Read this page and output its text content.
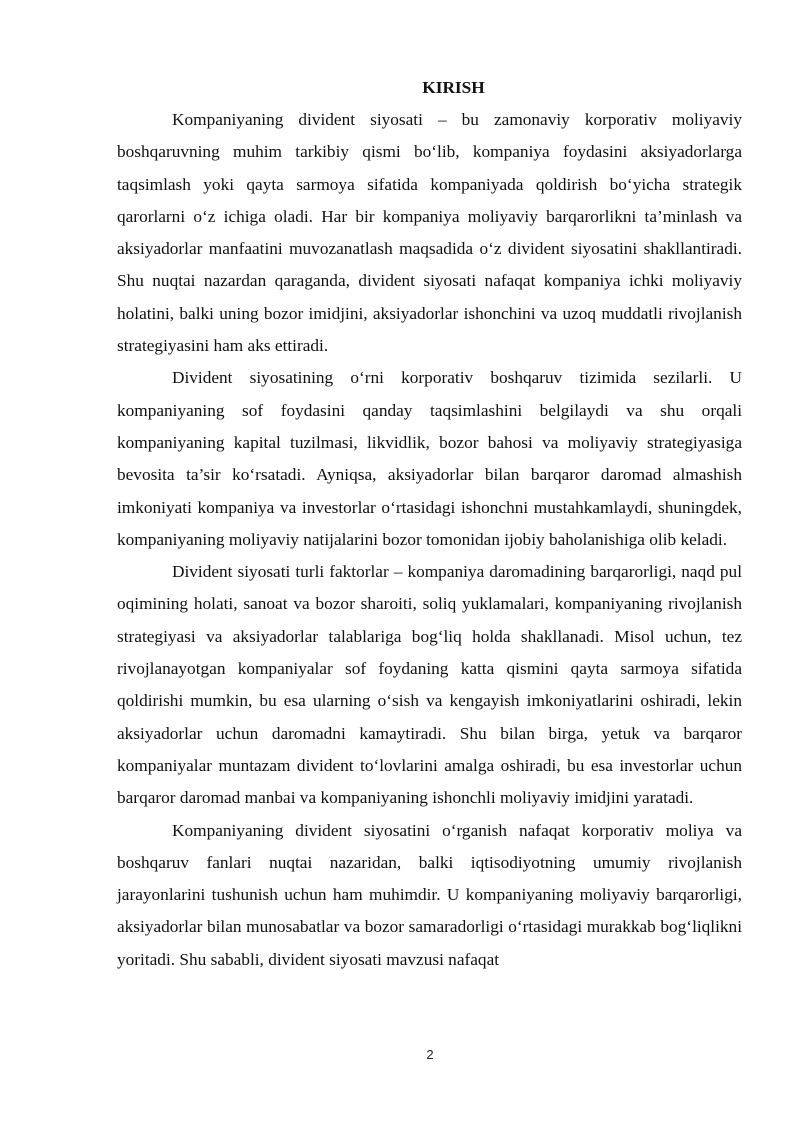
KIRISH

Kompaniyaning divident siyosati – bu zamonaviy korporativ moliyaviy boshqaruvning muhim tarkibiy qismi bo‘lib, kompaniya foydasini aksiyadorlarga taqsimlash yoki qayta sarmoya sifatida kompaniyada qoldirish bo‘yicha strategik qarorlarni o‘z ichiga oladi. Har bir kompaniya moliyaviy barqarorlikni ta’minlash va aksiyadorlar manfaatini muvozanatlash maqsadida o‘z divident siyosatini shakllantiradi. Shu nuqtai nazardan qaraganda, divident siyosati nafaqat kompaniya ichki moliyaviy holatini, balki uning bozor imidjini, aksiyadorlar ishonchini va uzoq muddatli rivojlanish strategiyasini ham aks ettiradi.

Divident siyosatining o‘rni korporativ boshqaruv tizimida sezilarli. U kompaniyaning sof foydasini qanday taqsimlashini belgilaydi va shu orqali kompaniyaning kapital tuzilmasi, likvidlik, bozor bahosi va moliyaviy strategiyasiga bevosita ta’sir ko‘rsatadi. Ayniqsa, aksiyadorlar bilan barqaror daromad almashish imkoniyati kompaniya va investorlar o‘rtasidagi ishonchni mustahkamlaydi, shuningdek, kompaniyaning moliyaviy natijalarini bozor tomonidan ijobiy baholanishiga olib keladi.

Divident siyosati turli faktorlar – kompaniya daromadining barqarorligi, naqd pul oqimining holati, sanoat va bozor sharoiti, soliq yuklamalari, kompaniyaning rivojlanish strategiyasi va aksiyadorlar talablariga bog‘liq holda shakllanadi. Misol uchun, tez rivojlanayotgan kompaniyalar sof foydaning katta qismini qayta sarmoya sifatida qoldirishi mumkin, bu esa ularning o‘sish va kengayish imkoniyatlarini oshiradi, lekin aksiyadorlar uchun daromadni kamaytiradi. Shu bilan birga, yetuk va barqaror kompaniyalar muntazam divident to‘lovlarini amalga oshiradi, bu esa investorlar uchun barqaror daromad manbai va kompaniyaning ishonchli moliyaviy imidjini yaratadi.

Kompaniyaning divident siyosatini o‘rganish nafaqat korporativ moliya va boshqaruv fanlari nuqtai nazaridan, balki iqtisodiyotning umumiy rivojlanish jarayonlarini tushunish uchun ham muhimdir. U kompaniyaning moliyaviy barqarorligi, aksiyadorlar bilan munosabatlar va bozor samaradorligi o‘rtasidagi murakkab bog‘liqlikni yoritadi. Shu sababli, divident siyosati mavzusi nafaqat

2
